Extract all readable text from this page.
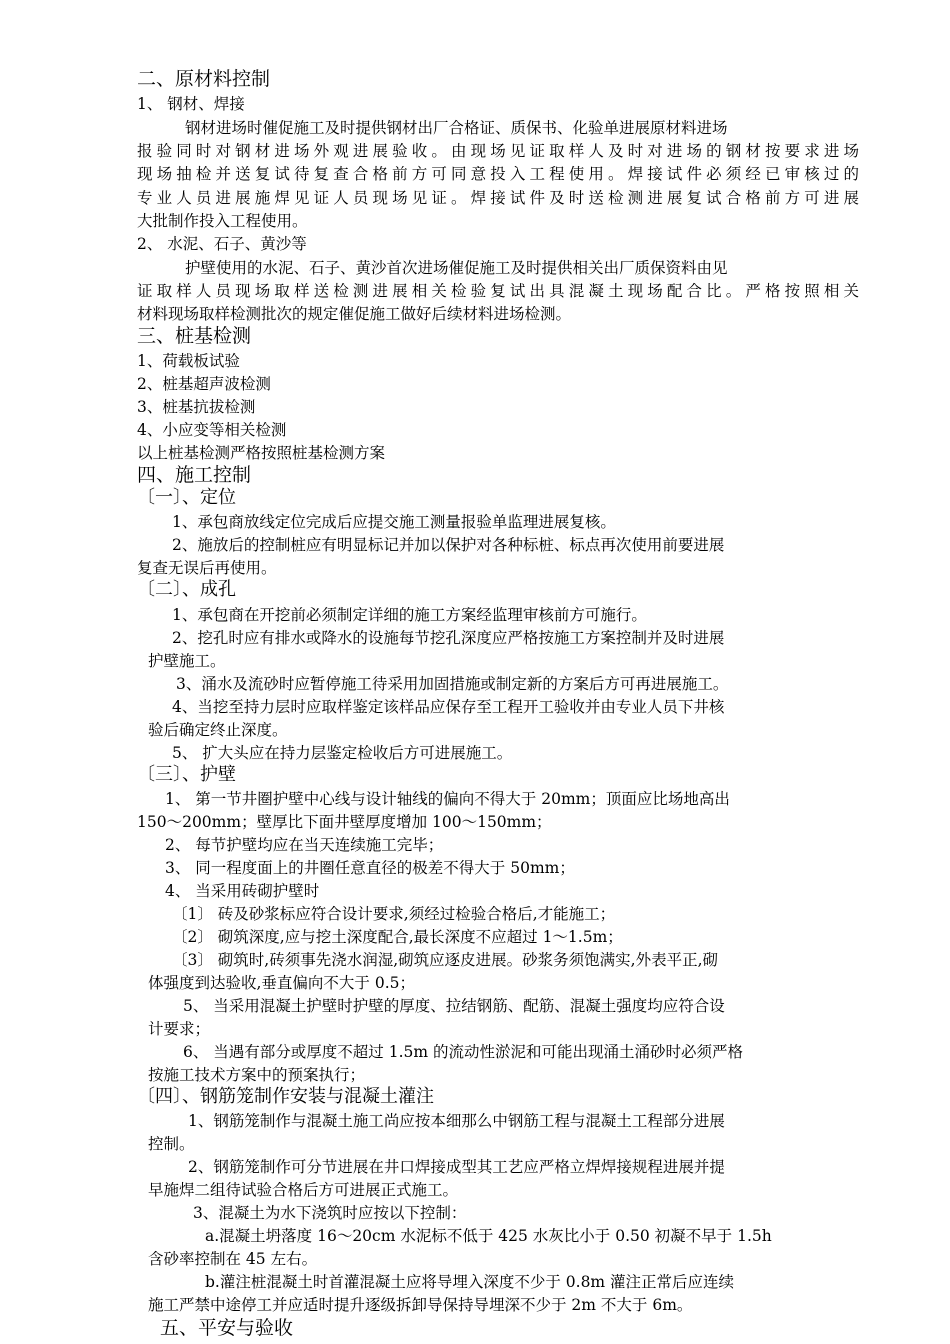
二、原材料控制
1、 钢材、焊接
钢材进场时催促施工及时提供钢材出厂合格证、质保书、化验单进展原材料进场
报验同时对钢材进场外观进展验收。由现场见证取样人及时对进场的钢材按要求进场
现场抽检并送复试待复查合格前方可同意投入工程使用。焊接试件必须经已审核过的
专业人员进展施焊见证人员现场见证。焊接试件及时送检测进展复试合格前方可进展
大批制作投入工程使用。
2、 水泥、石子、黄沙等
护壁使用的水泥、石子、黄沙首次进场催促施工及时提供相关出厂质保资料由见
证取样人员现场取样送检测进展相关检验复试出具混凝土现场配合比。严格按照相关
材料现场取样检测批次的规定催促施工做好后续材料进场检测。
三、桩基检测
1、荷载板试验
2、桩基超声波检测
3、桩基抗拔检测
4、小应变等相关检测
以上桩基检测严格按照桩基检测方案
四、施工控制
〔一〕、定位
1、承包商放线定位完成后应提交施工测量报验单监理进展复核。
2、施放后的控制桩应有明显标记并加以保护对各种标桩、标点再次使用前要进展
复查无误后再使用。
〔二〕、成孔
1、承包商在开挖前必须制定详细的施工方案经监理审核前方可施行。
2、挖孔时应有排水或降水的设施每节挖孔深度应严格按施工方案控制并及时进展
护壁施工。
3、涌水及流砂时应暂停施工待采用加固措施或制定新的方案后方可再进展施工。
4、当挖至持力层时应取样鉴定该样品应保存至工程开工验收并由专业人员下井核
验后确定终止深度。
5、 扩大头应在持力层鉴定检收后方可进展施工。
〔三〕、护壁
1、 第一节井圈护壁中心线与设计轴线的偏向不得大于 20mm；顶面应比场地高出
150～200mm；壁厚比下面井壁厚度增加 100～150mm；
2、 每节护壁均应在当天连续施工完毕；
3、 同一程度面上的井圈任意直径的极差不得大于 50mm；
4、 当采用砖砌护壁时
〔1〕 砖及砂浆标应符合设计要求,须经过检验合格后,才能施工；
〔2〕 砌筑深度,应与挖土深度配合,最长深度不应超过 1～1.5m；
〔3〕 砌筑时,砖须事先浇水润湿,砌筑应逐皮进展。砂浆务须饱满实,外表平正,砌
体强度到达验收,垂直偏向不大于 0.5；
5、 当采用混凝土护壁时护壁的厚度、拉结钢筋、配筋、混凝土强度均应符合设
计要求；
6、 当遇有部分或厚度不超过 1.5m 的流动性淤泥和可能出现涌土涌砂时必须严格
按施工技术方案中的预案执行；
〔四〕、钢筋笼制作安装与混凝土灌注
1、钢筋笼制作与混凝土施工尚应按本细那么中钢筋工程与混凝土工程部分进展
控制。
2、钢筋笼制作可分节进展在井口焊接成型其工艺应严格立焊焊接规程进展并提
早施焊二组待试验合格后方可进展正式施工。
3、混凝土为水下浇筑时应按以下控制：
a.混凝土坍落度 16～20cm 水泥标不低于 425 水灰比小于 0.50 初凝不早于 1.5h
含砂率控制在 45 左右。
b.灌注桩混凝土时首灌混凝土应将导埋入深度不少于 0.8m 灌注正常后应连续
施工严禁中途停工并应适时提升逐级拆卸导保持导埋深不少于 2m 不大于 6m。
五、平安与验收
